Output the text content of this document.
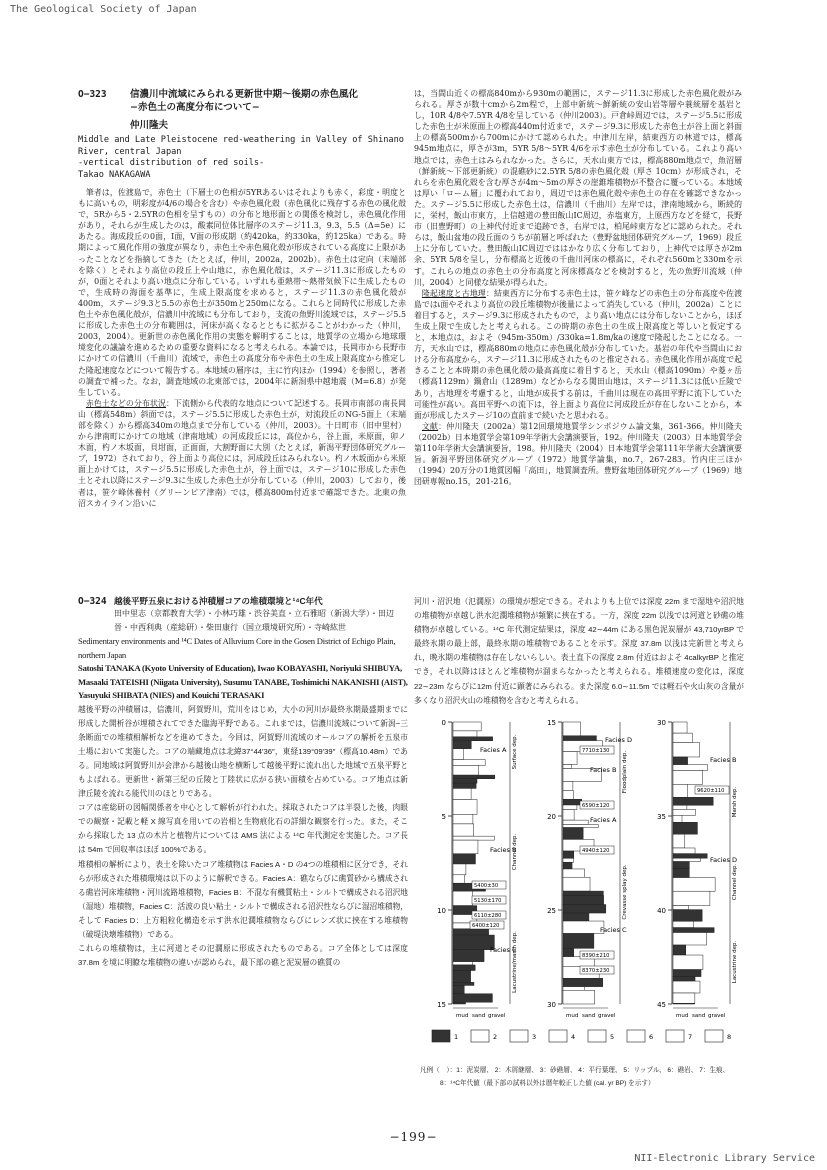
The Geological Society of Japan
O−323 信濃川中流域にみられる更新世中期～後期の赤色風化
−赤色土の高度分布について−
仲川隆夫
Middle and Late Pleistocene red-weathering in Valley of Shinano
River, central Japan
-vertical distribution of red soils-
Takao NAKAGAWA

筆者は，佐渡島で，赤色土（下層土の色相が5YRあるいはそれよりも赤く，彩度・明度ともに高いもの，明彩度が4/6の場合を含む）や赤色風化殻（赤色風化に残存する赤色の風化殻で，5Rから5・2.5YRの色相を呈すもの）の分布と地形面との関係を検討し，赤色風化作用があり，それらが生成したのは，酸素同位体比層序のステージ11.3，9.3，5.5（Δ=5e）にあたる。海成段丘の0面，I面，V面の形成期（約420ka，約330ka，約125ka）である。時期によって風化作用の強度が異なり，赤色土や赤色風化殻が形成されている高度に上限があったことなどを指摘してきた（たとえば，仲川，2002a，2002b）。赤色土は定向（末端部を除く）とそれより高位の段丘上や山地に，赤色風化殻は，ステージ11.3に形成したものが，0面とそれより高い地点に分布している。いずれも亜熱帯～熱帯気候下に生成したもので，生成時の海面を基準に，生成上限高度を求めると，ステージ11.3の赤色風化殻が400m，ステージ9.3と5.5の赤色土が350mと250mになる。これらと同時代に形成した赤色土や赤色風化殻が，信濃川中流域にも分布しており，支流の魚野川流域では，ステージ5.5に形成した赤色土の分布範囲は，河床が高くなるとともに拡がることがわかった（仲川，2003，2004）。更新世の赤色風化作用の実態を解明することは，地質学の立場から地球環境変化の議論を進めるための重要な資料になると考えられる。本論では，長岡市から長野市にかけての信濃川（千曲川）流域で，赤色土の高度分布や赤色土の生成上限高度から推定した隆起速度などについて報告する。本地域の層序は，主に竹内ほか（1994）を参照し，著者の調査で補った。なお，調査地域の北東部では，2004年に新潟県中越地震（M=6.8）が発生している。

赤色土などの分布状況：下流側から代表的な地点について記述する。長岡市南部の南長岡山（標高548m）斜面では，ステージ5.5に形成した赤色土が，対流段丘のNG-5面上（末端部を除く）から標高340mの地点まで分布している（仲川，2003）。十日町市（旧中里村）から津南町にかけての地域（津南地域）の河成段丘には，高位から，谷上面，米原面，卯ノ木面，杓ノ木坂面，貝坩面，正面面，大割野面に大別（たとえば，新潟平野団体研究グループ，1972）されており，谷上面より高位には，河成段丘はみられない。杓ノ木坂面から米原面上かけては，ステージ5.5に形成した赤色土が，谷上面では，ステージ10に形成した赤色土とそれ以降にステージ9.3に生成した赤色土が分布している（仲川，2003）しており，後者は，笹ケ峰休養村（グリーンピア津南）では，標高800m付近まで確認できた。北東の魚沼スカイライン沿いに

は，当間山近くの標高840mから930mの範囲に，ステージ11.3に形成した赤色風化殻がみられる。厚さが数十cmから2m程で，上部中新統～鮮新統の安山岩等層や蓑統層を基岩とし，10R 4/8や7.5YR 4/8を呈している（仲川2003）。戸倉峠周辺では，ステージ5.5に形成した赤色土が米原面上の標高440m付近まで，ステージ9.3に形成した赤色土が谷上面と斜面上の標高500mから700mにかけて認められた。中津川左岸，結東西方の林道では，標高945m地点に，厚さが3m，5YR 5/8～5YR 4/6を示す赤色土が分布している。これより高い地点では，赤色土はみられなかった。さらに，天水山東方では，標高880m地点で，魚沼層（鮮新統～下部更新統）の混礁砂に2.5YR 5/8の赤色風化殻（厚さ 10cm）が形成され，それらを赤色風化殻を含む厚さが4m～5mの厚さの崖錐堆積物が不整合に覆っている。本地域は厚い「ローム層」に覆われており，周辺では赤色風化殻や赤色土の存在を確認できなかった。ステージ5.5に形成した赤色土は，信濃川（千曲川）左岸では，津南地域から，断続的に，栄村，飯山市東方，上信越道の豊田飯山IC周辺，赤塩東方，上原西方などを経て，長野市（旧豊野町）の上神代付近まで追跡でき，右岸では，柏尾峠東方などに認められた。それらは，飯山盆地の段丘面のうちが前層と呼ばれた（豊野盆地団体研究グループ，1969）段丘上に分布していた。豊田飯山IC周辺でははかなり広く分布しており，上神代では厚さが2m余、5YR 5/8を呈し，分布標高と近後の千曲川河床の標高に，それぞれ560mと330mを示す。これらの地点の赤色土の分布高度と河床標高などを検討すると，先の魚野川流域（仲川，2004）と同様な結果が得られた。

隆起速度と古地理：結東西方に分布する赤色土は，笹ケ峰などの赤色土の分布高度や佐渡島ではเ面やそれより高位の段丘堆積物が後量によって消失している（仲川，2002a）ことに着目すると，ステージ9.3に形成されたもので，より高い地点には分布しないことから，ほぼ生成上限で生成したと考えられる。この時期の赤色土の生成上限高度と等しいと仮定すると，本地点は，およそ（945m-350m）/330ka=1.8m/kaの速度で隆起したことになる。一方，天水山では，標高880mの地点に赤色風化殻が分布していた。基岩の年代や当間山における分布高度から，ステージ11.3に形成されたものと推定される。赤色風化作用が高度で起きることと本時期の赤色風化殻の最高高度に着目すると，天水山（標高1090m）や菱ヶ岳（標高1129m）鍋倉山（1289m）などからなる関田山地は，ステージ11.3には低い丘陵であり，古地理を考慮すると，山地が成長する前は，千曲川は現在の高田平野に流下していた可能性が高い。高田平野への流下は，谷上面より高位に河成段丘が存在しないことから，本面が形成したステージ10の直前まで続いたと思われる。

文献：仲川隆夫（2002a）第12回環境地質学シンポジウム論文集，361-366。仲川隆夫（2002b）日本地質学会第109年学術大会講演要旨，192。仲川隆夫（2003）日本地質学会第110年学術大会講演要旨，198。仲川隆夫（2004）日本地質学会第111年学術大会講演要旨。新潟平野団体研究グループ（1972）地質学論集，no.7，267-283。竹内庄三ほか（1994）20万分の1地質図幅「高田」，地質調査所。豊野盆地団体研究グループ（1969）地団研専報no.15，201-216。

O−324 越後平野五泉における沖積層コアの堆積環境と¹⁴C年代
田中里志（京都教育大学）・小林巧雄・渋谷美直・立石雅昭（新潟大学）・田辺　晉・中西利典（産総研）・柴田康行（国立環境研究所）・寺崎紘世
Sedimentary environments and ¹⁴C Dates of Alluvium Core in the Gosen District of Echigo Plain, northern Japan
Satoshi TANAKA (Kyoto University of Education), Iwao KOBAYASHI, Noriyuki SHIBUYA, Masaaki TATEISHI (Niigata University), Susumu TANABE, Toshimichi NAKANISHI (AIST), Yasuyuki SHIBATA (NIES) and Kouichi TERASAKI

越後平野の沖積層は，信濃川，阿賀野川，荒川をはじめ，大小の河川が最終氷期最盛期までに形成した開析谷が埋積されてできた臨海平野である。これまでは，信濃川流域について新潟−三条断面での堆積相解析などを進めてきた。今回は，阿賀野川流域のオールコアの解析を五泉市土場において実施した。コアの端藏地点は北緯37°44′36″，東経139°09′39″（標高10.48m）である。同地域は阿賀野川が会津から越後山地を横断して越後平野に流れ出した地域で五泉平野ともよばれる。更新世・新第三紀の丘陵と丁陸状に広がる狭い面積を占めている。コア地点は新津丘陵を流れる能代川のほとりである。

コアは産総研の図幅関係者を中心として解析が行われた。採取されたコアは半裂した後，肉眼での観察・記載と軽 X 線写真を用いての岩相と生物痕化石の詳細な観察を行った。また，そこから採取した 13 点の木片と植物片については AMS 法による ¹⁴C 年代測定を実施した。コア長は 54m で回収率はほぼ 100%である。

堆積相の解析により，表土を除いたコア堆積物は Facies A・D の4つの堆積相に区分でき，それらが形成された堆積環境は以下のように解釈できる。Facies A：礁ならびに礁質砂から構成される礁岩河床堆積物・河川流路堆積物，Facies B：不混な有機質粘土・シルトで構成される沼沢地（湿地）堆積物，Facies C：活波の良い粘土・シルトで構成される沼沢性ならびに湿沼堆積物，そして Facies D：上方粗粒化構造を示す洪水氾濶堆積物ならびにレンズ状に挾在する堆積物（破堤決壊堆積物）である。

これらの堆積物は，主に河道とその氾濶原に形成されたものである。コア全体としては深度 37.8m を境に明瞭な堆積物の違いが認められ，最下部の礁と泥炭層の礁質の

河川・沼沢地（氾濶原）の環境が想定できる。それよりも上位では深度 22m まで湿地や沼沢地の堆積物が卓越し洪水氾濶堆積物が頻繁に挾在する。一方，深度 22m 以浅では河道と砂礁の堆積物が卓越している。¹⁴C 年代測定結果は，深度 42∼44m にある黒色泥炭層が 43,710yrBP で最終氷期の最上部，最終氷期の堆積物であることを示す。深度 37.8m 以浅は完新世と考えられ，晩氷期の堆積物は存在しないらしい。表土直下の深度 2.8m 付近はおよそ 4calkyrBP と推定でき，それ以降はほとんど堆積物が溜まらなかったと考えられる。堆積速度の変化は，深度 22∼23m ならびに12m 付近に顕著にみられる。また深度 6.0∼11.5m では軽石や火山灰の含量が多くなり沼沢火山の堆積物を含むと考えられる。

0
5
10
15
mud sand gravel
15
20
25
30
mud sand gravel
30
35
40
45
mud sand gravel
Facies A
Facies B
Facies C
Facies D
Facies B
Facies A
Facies C
Facies D
Facies B
5400±30
5130±170
6110±280
4940±120
6400±120
7710±130
6590±120
8390±210
8370±230
9620±110
Surface dep.
Channel dep.
Lacustrine/marsh dep.
Floodplain dep.
Crevasse splay dep.
Marsh dep.
Channel dep.
Lacustrine dep.
1	2	3	4	5	6	7	8
凡例（　）：1：泥炭層、 2：木屑継層、 3：砂礁層、 4：平行葉理、 5：リップル、 6：礁岩、 7：生痕、
8：¹⁴C年代値（最下部の試料以外は暦年較正した値 (cal. yr BP) を示す）
−199−
NII-Electronic Library Service
